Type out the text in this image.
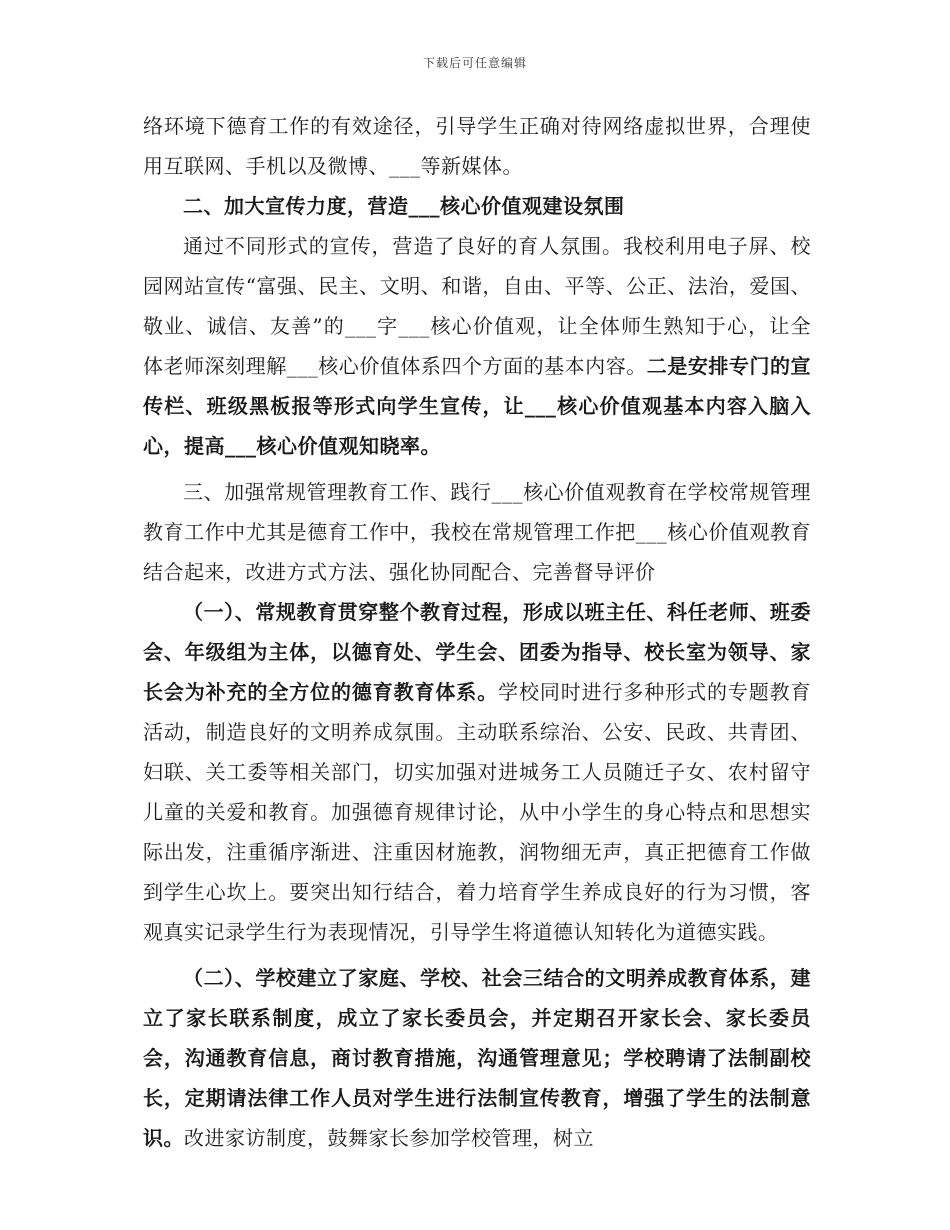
下载后可任意编辑

络环境下德育工作的有效途径，引导学生正确对待网络虚拟世界，合理使用互联网、手机以及微博、___等新媒体。

二、加大宣传力度，营造___核心价值观建设氛围

通过不同形式的宣传，营造了良好的育人氛围。我校利用电子屏、校园网站宣传“富强、民主、文明、和谐，自由、平等、公正、法治，爱国、敬业、诚信、友善”的___字___核心价值观，让全体师生熟知于心，让全体老师深刻理解___核心价值体系四个方面的基本内容。二是安排专门的宣传栏、班级黑板报等形式向学生宣传，让___核心价值观基本内容入脑入心，提高___核心价值观知晓率。

三、加强常规管理教育工作、践行___核心价值观教育在学校常规管理教育工作中尤其是德育工作中，我校在常规管理工作把___核心价值观教育结合起来，改进方式方法、强化协同配合、完善督导评价

（一）、常规教育贯穿整个教育过程，形成以班主任、科任老师、班委会、年级组为主体，以德育处、学生会、团委为指导、校长室为领导、家长会为补充的全方位的德育教育体系。学校同时进行多种形式的专题教育活动，制造良好的文明养成氛围。主动联系综治、公安、民政、共青团、妇联、关工委等相关部门，切实加强对进城务工人员随迁子女、农村留守儿童的关爱和教育。加强德育规律讨论，从中小学生的身心特点和思想实际出发，注重循序渐进、注重因材施教，润物细无声，真正把德育工作做到学生心坎上。要突出知行结合，着力培育学生养成良好的行为习惯，客观真实记录学生行为表现情况，引导学生将道德认知转化为道德实践。

（二）、学校建立了家庭、学校、社会三结合的文明养成教育体系，建立了家长联系制度，成立了家长委员会，并定期召开家长会、家长委员会，沟通教育信息，商讨教育措施，沟通管理意见；学校聘请了法制副校长，定期请法律工作人员对学生进行法制宣传教育，增强了学生的法制意识。改进家访制度，鼓舞家长参加学校管理，树立
